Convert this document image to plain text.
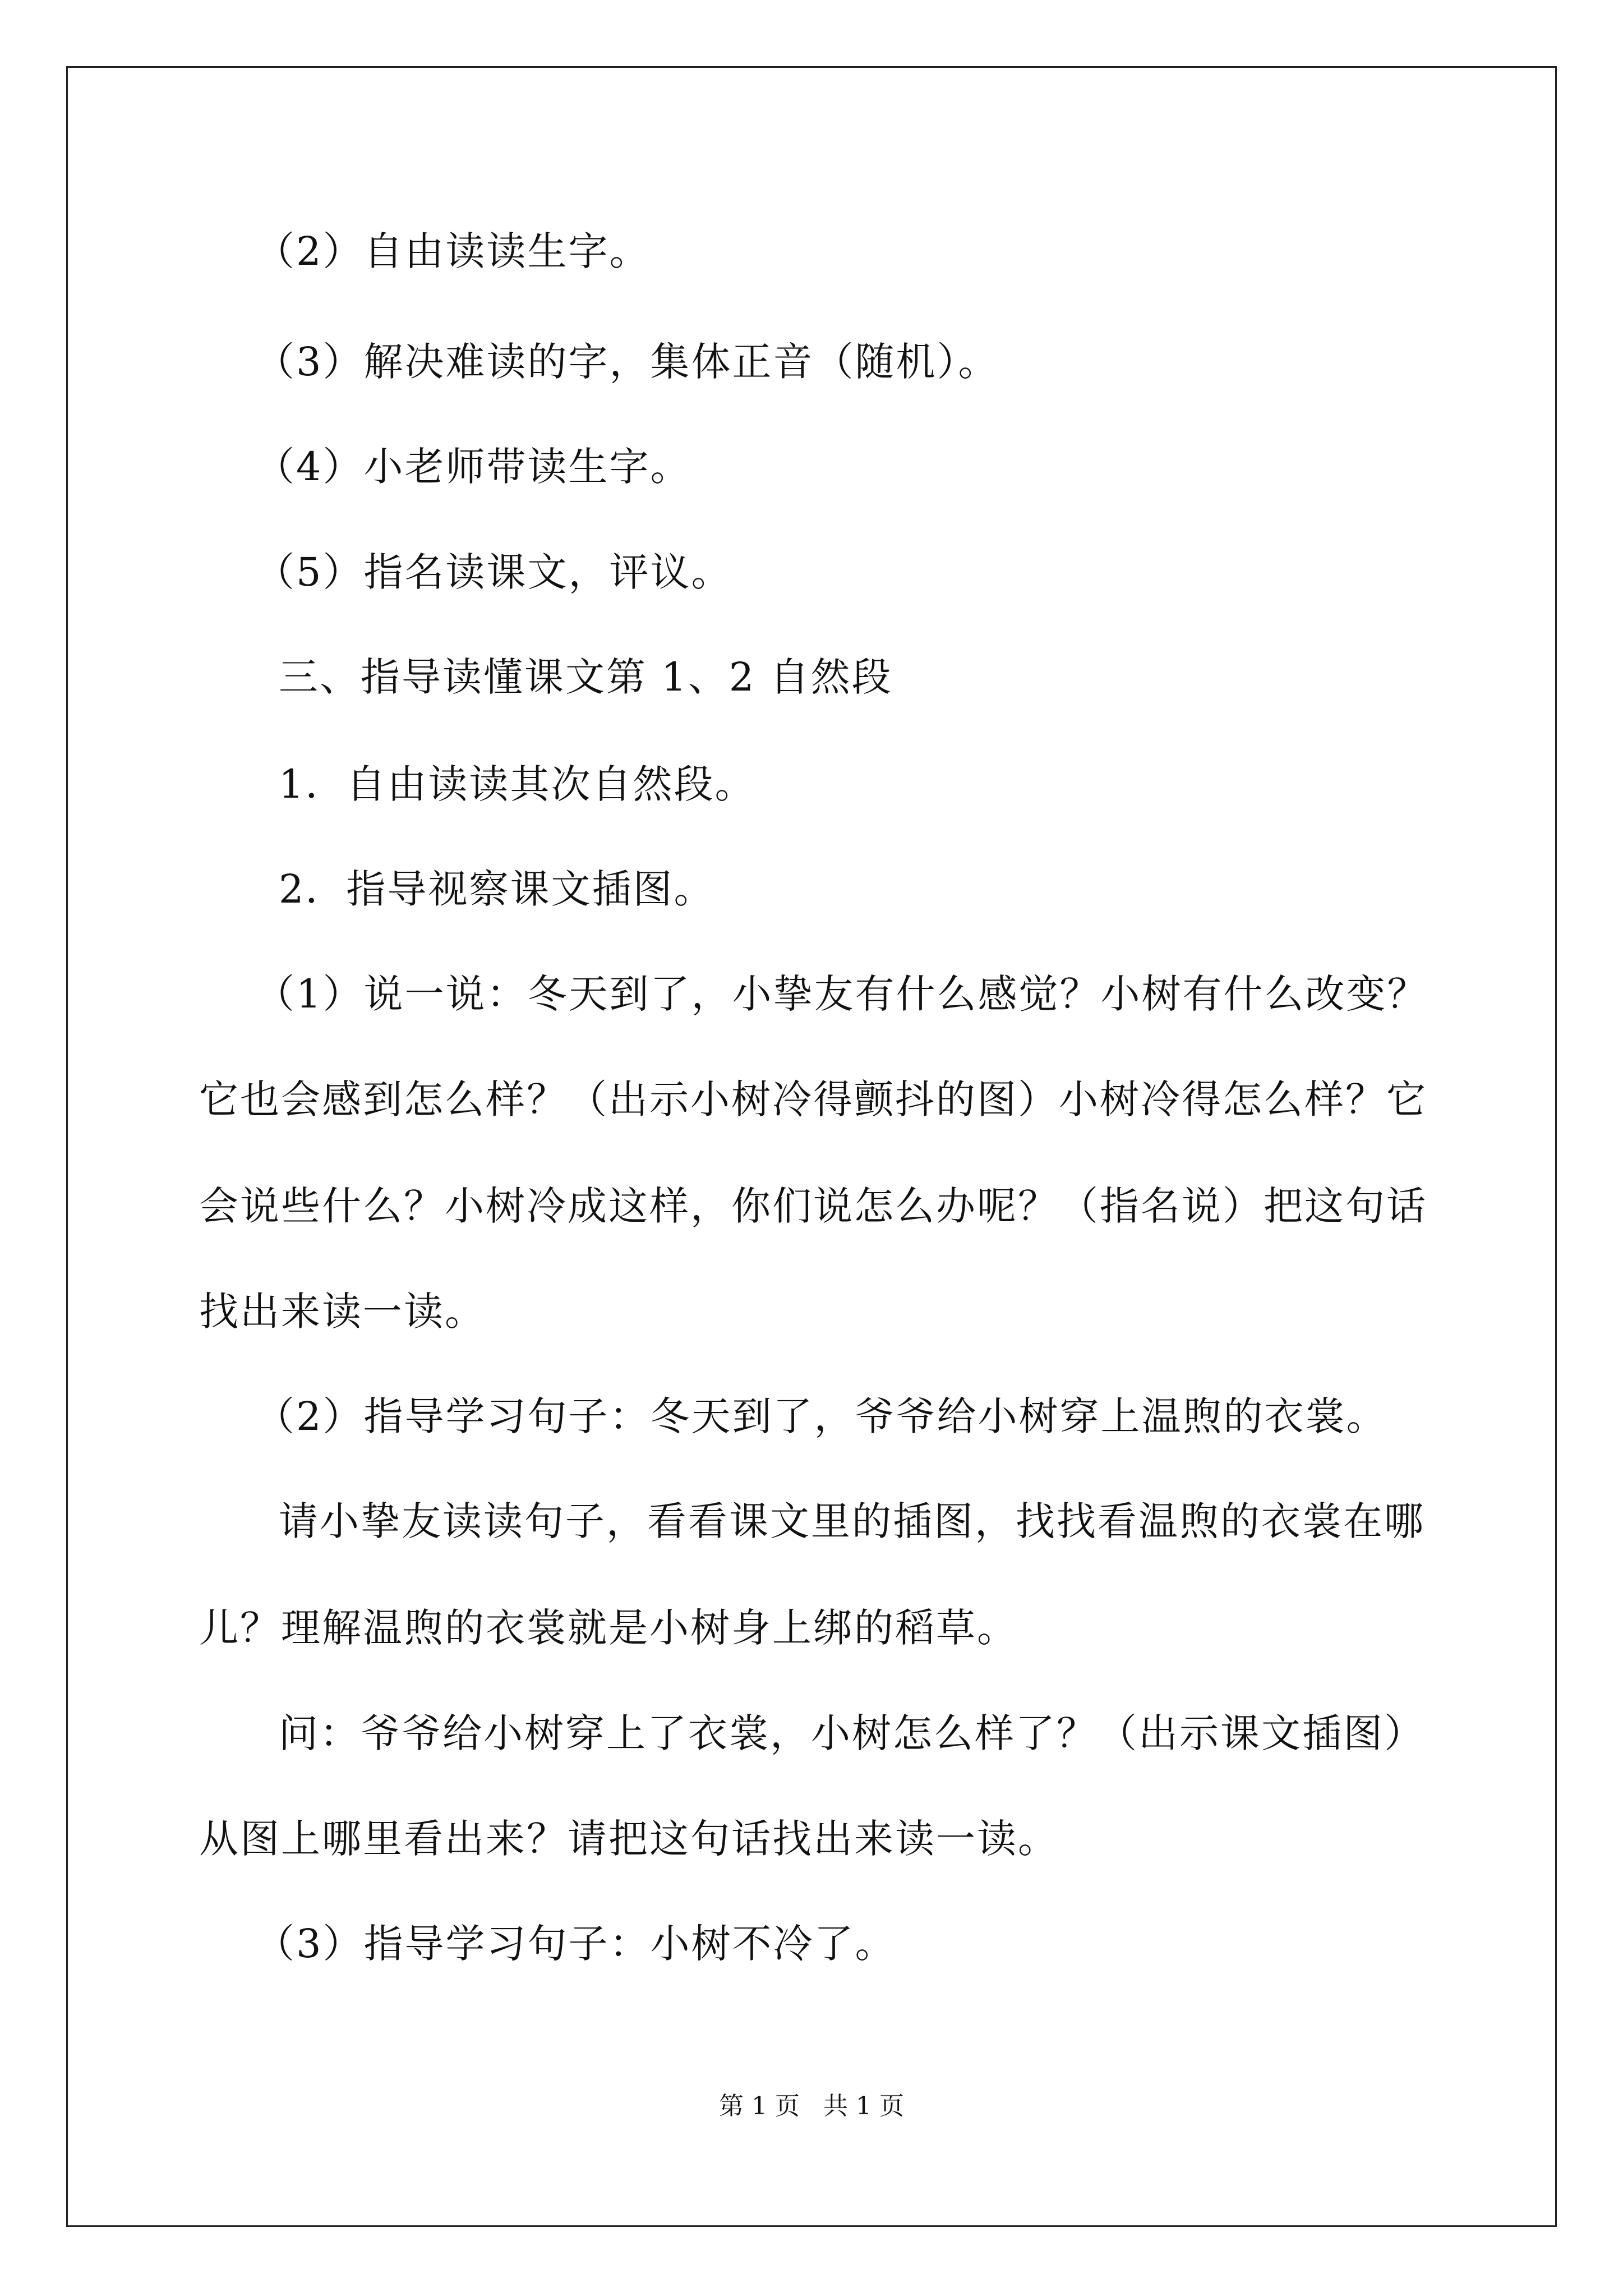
（2）自由读读生字。
（3）解决难读的字，集体正音（随机）。
（4）小老师带读生字。
（5）指名读课文，评议。
三、指导读懂课文第 1、2 自然段
1．自由读读其次自然段。
2．指导视察课文插图。
（1）说一说：冬天到了，小挚友有什么感觉？小树有什么改变？
它也会感到怎么样？（出示小树冷得颤抖的图）小树冷得怎么样？它
会说些什么？小树冷成这样，你们说怎么办呢？（指名说）把这句话
找出来读一读。
（2）指导学习句子：冬天到了，爷爷给小树穿上温煦的衣裳。
请小挚友读读句子，看看课文里的插图，找找看温煦的衣裳在哪
儿？理解温煦的衣裳就是小树身上绑的稻草。
问：爷爷给小树穿上了衣裳，小树怎么样了？（出示课文插图）
从图上哪里看出来？请把这句话找出来读一读。
（3）指导学习句子：小树不冷了。
第 1 页   共 1 页
